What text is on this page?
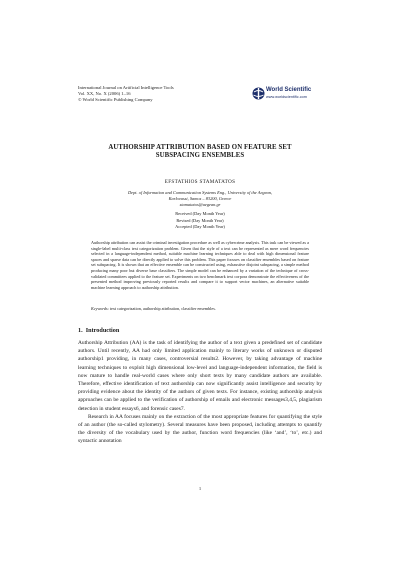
International Journal on Artificial Intelligence Tools
Vol. XX, No. X (2006) 1–16
© World Scientific Publishing Company
World Scientific
www.worldscientific.com
AUTHORSHIP ATTRIBUTION BASED ON FEATURE SET
SUBSPACING ENSEMBLES
EFSTATHIOS STAMATATOS
Dept. of Information and Communication Systems Eng., University of the Aegean,
Karlovassi, Samos – 83200, Greece
stamatatos@aegean.gr
Received (Day Month Year)
Revised (Day Month Year)
Accepted (Day Month Year)
Authorship attribution can assist the criminal investigation procedure as well as cybercrime analysis. This task can be viewed as a single-label multi-class text categorization problem. Given that the style of a text can be represented as mere word frequencies selected in a language-independent method, suitable machine learning techniques able to deal with high dimensional feature spaces and sparse data can be directly applied to solve this problem. This paper focuses on classifier ensembles based on feature set subspacing. It is shown that an effective ensemble can be constructed using, exhaustive disjoint subspacing, a simple method producing many poor but diverse base classifiers. The simple model can be enhanced by a variation of the technique of cross-validated committees applied to the feature set. Experiments on two benchmark text corpora demonstrate the effectiveness of the presented method improving previously reported results and compare it to support vector machines, an alternative suitable machine learning approach to authorship attribution.
Keywords: text categorization, authorship attribution, classifier ensembles.
1. Introduction

Authorship Attribution (AA) is the task of identifying the author of a text given a predefined set of candidate authors. Until recently, AA had only limited application mainly to literary works of unknown or disputed authorship1 providing, in many cases, controversial results2. However, by taking advantage of machine learning techniques to exploit high dimensional low-level and language-independent information, the field is now mature to handle real-world cases where only short texts by many candidate authors are available. Therefore, effective identification of text authorship can now significantly assist intelligence and security by providing evidence about the identity of the authors of given texts. For instance, existing authorship analysis approaches can be applied to the verification of authorship of emails and electronic messages3,4,5, plagiarism detection in student essays6, and forensic cases7.

Research in AA focuses mainly on the extraction of the most appropriate features for quantifying the style of an author (the so-called stylometry). Several measures have been proposed, including attempts to quantify the diversity of the vocabulary used by the author, function word frequencies (like ‘and’, ‘to’, etc.) and syntactic annotation

1
